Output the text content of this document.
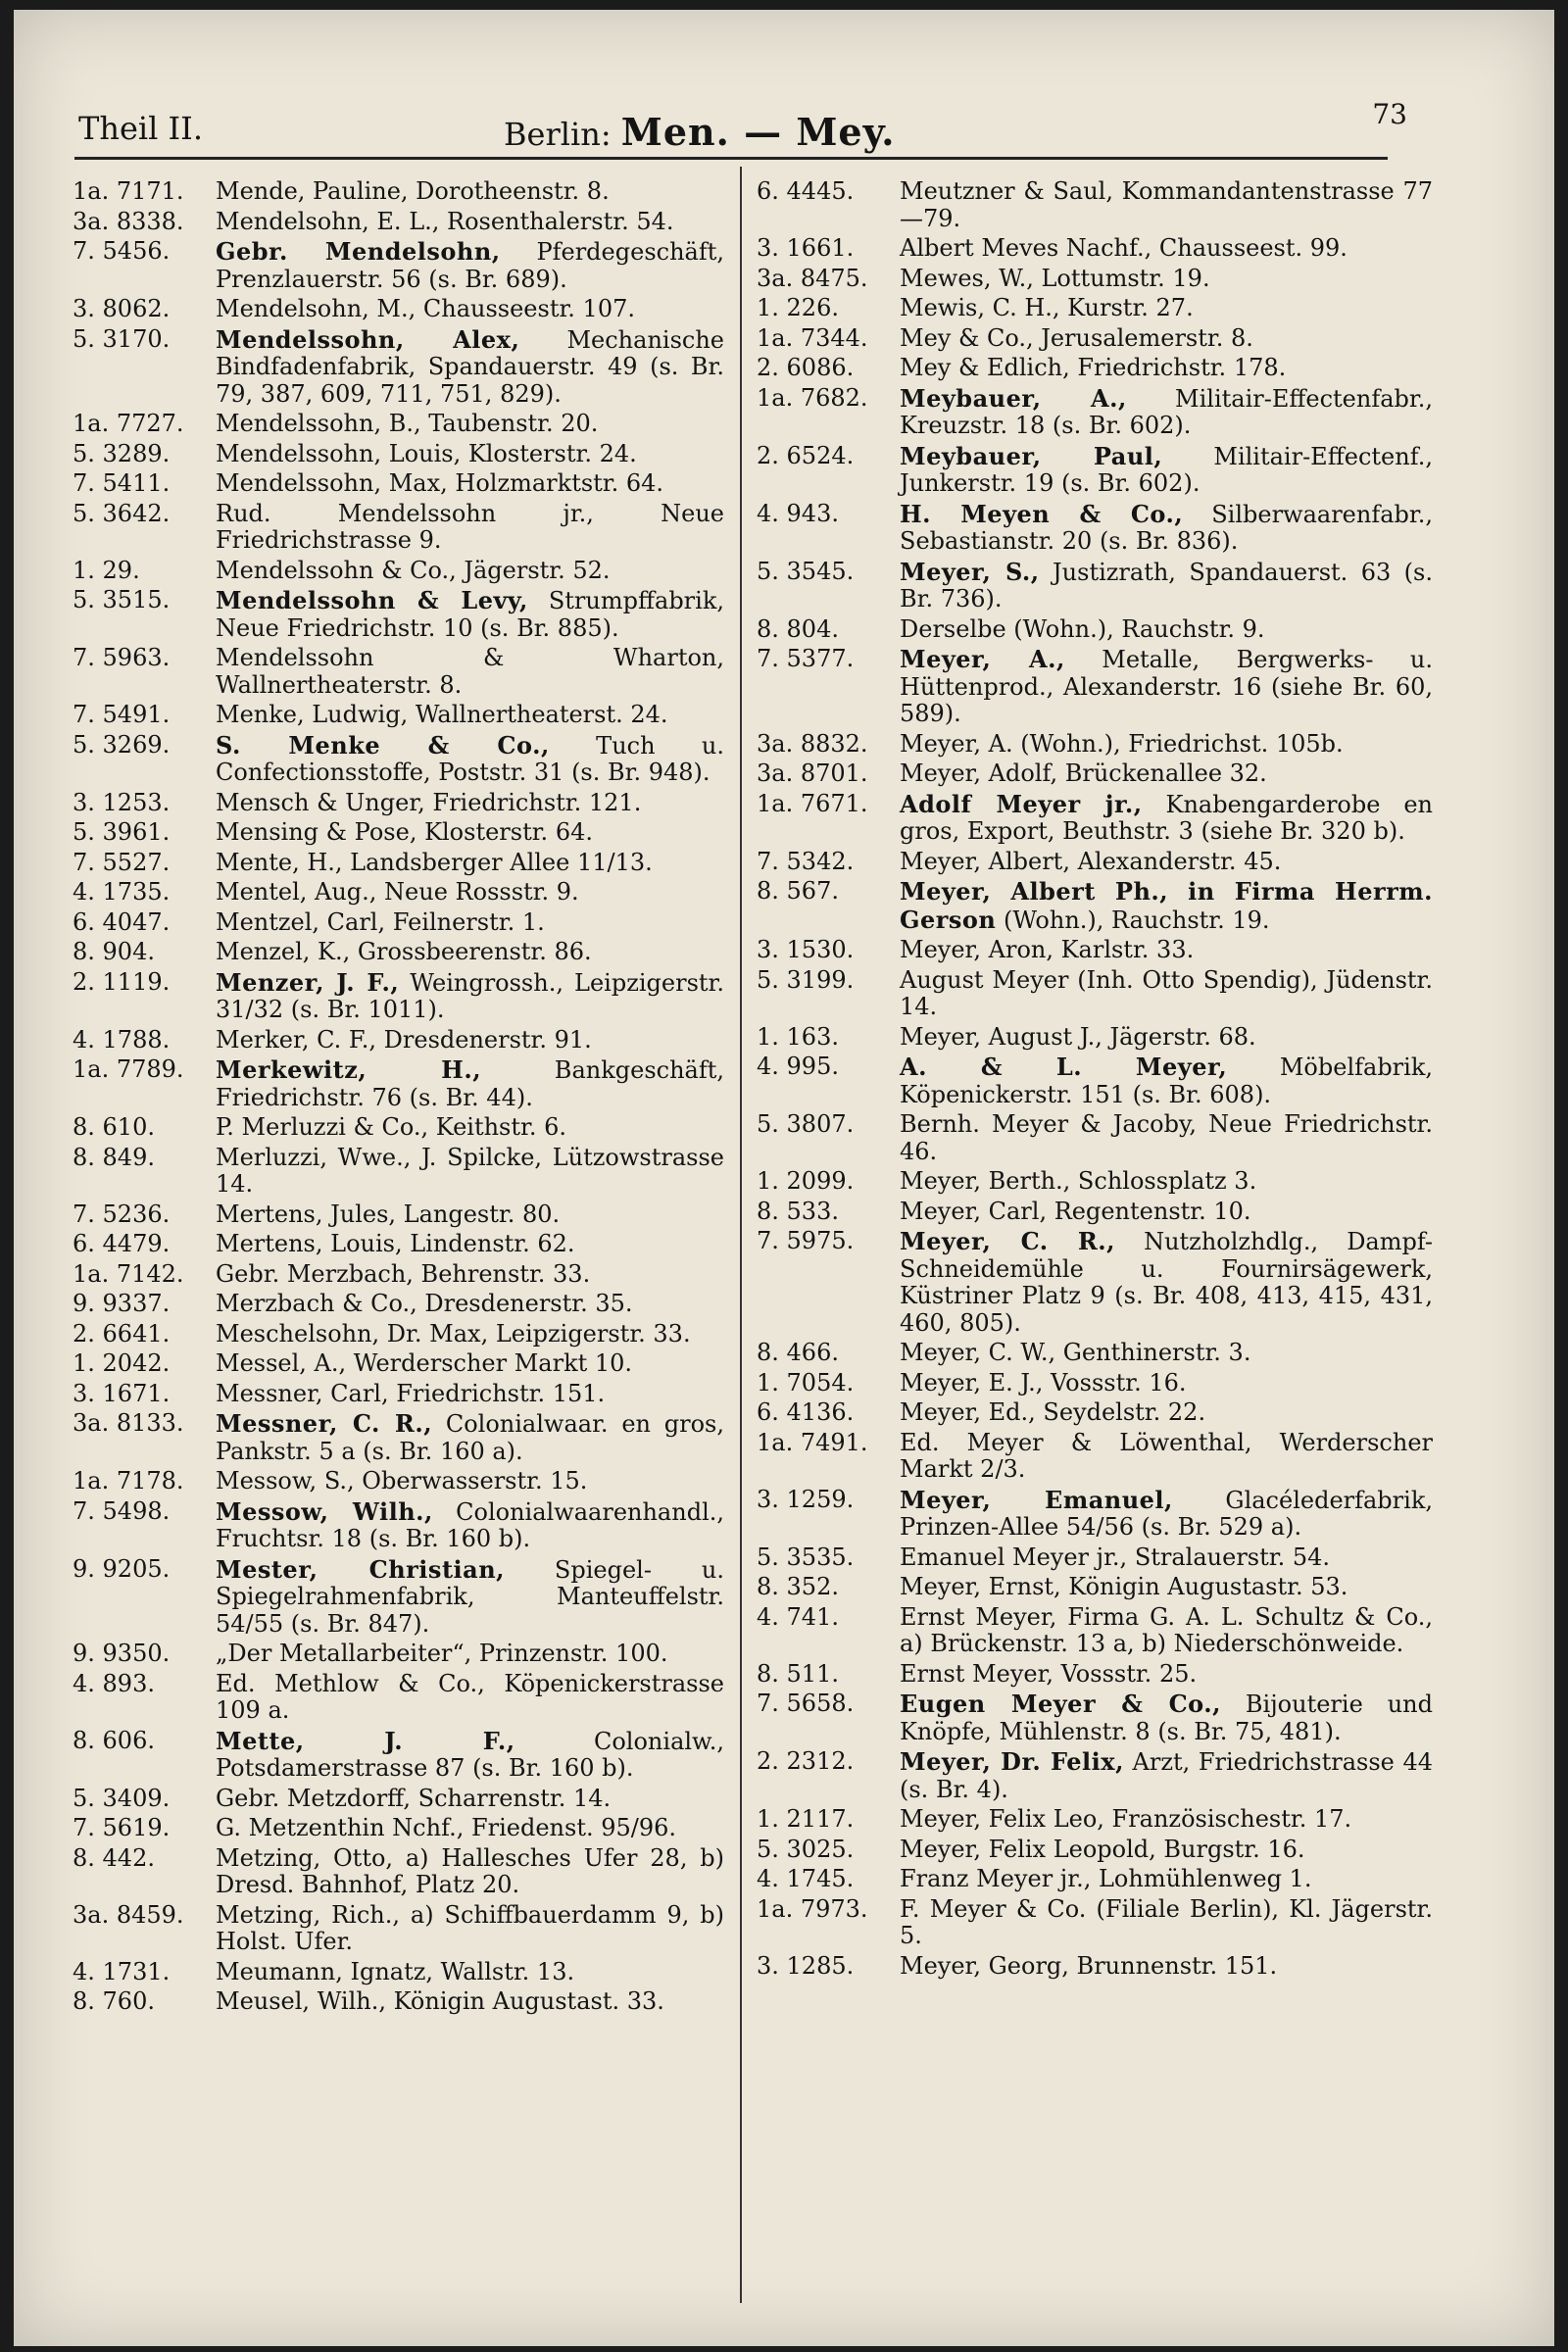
Theil II.	Berlin: Men. — Mey.	73
1a. 7171.	Mende, Pauline, Dorotheenstr. 8.
3a. 8338.	Mendelsohn, E. L., Rosenthalerstr. 54.
7. 5456.	Gebr. Mendelsohn, Pferdegeschäft, Prenzlauerstr. 56 (s. Br. 689).
3. 8062.	Mendelsohn, M., Chausseestr. 107.
5. 3170.	Mendelssohn, Alex, Mechanische Bindfadenfabrik, Spandauerstr. 49 (s. Br. 79, 387, 609, 711, 751, 829).
1a. 7727.	Mendelssohn, B., Taubenstr. 20.
5. 3289.	Mendelssohn, Louis, Klosterstr. 24.
7. 5411.	Mendelssohn, Max, Holzmarktstr. 64.
5. 3642.	Rud. Mendelssohn jr., Neue Friedrichstrasse 9.
1. 29.	Mendelssohn & Co., Jägerstr. 52.
5. 3515.	Mendelssohn & Levy, Strumpffabrik, Neue Friedrichstr. 10 (s. Br. 885).
7. 5963.	Mendelssohn & Wharton, Wallnertheaterstr. 8.
7. 5491.	Menke, Ludwig, Wallnertheaterst. 24.
5. 3269.	S. Menke & Co., Tuch u. Confectionsstoffe, Poststr. 31 (s. Br. 948).
3. 1253.	Mensch & Unger, Friedrichstr. 121.
5. 3961.	Mensing & Pose, Klosterstr. 64.
7. 5527.	Mente, H., Landsberger Allee 11/13.
4. 1735.	Mentel, Aug., Neue Rossstr. 9.
6. 4047.	Mentzel, Carl, Feilnerstr. 1.
8. 904.	Menzel, K., Grossbeerenstr. 86.
2. 1119.	Menzer, J. F., Weingrossh., Leipzigerstr. 31/32 (s. Br. 1011).
4. 1788.	Merker, C. F., Dresdenerstr. 91.
1a. 7789.	Merkewitz, H., Bankgeschäft, Friedrichstr. 76 (s. Br. 44).
8. 610.	P. Merluzzi & Co., Keithstr. 6.
8. 849.	Merluzzi, Wwe., J. Spilcke, Lützowstrasse 14.
7. 5236.	Mertens, Jules, Langestr. 80.
6. 4479.	Mertens, Louis, Lindenstr. 62.
1a. 7142.	Gebr. Merzbach, Behrenstr. 33.
9. 9337.	Merzbach & Co., Dresdenerstr. 35.
2. 6641.	Meschelsohn, Dr. Max, Leipzigerstr. 33.
1. 2042.	Messel, A., Werderscher Markt 10.
3. 1671.	Messner, Carl, Friedrichstr. 151.
3a. 8133.	Messner, C. R., Colonialwaar. en gros, Pankstr. 5 a (s. Br. 160 a).
1a. 7178.	Messow, S., Oberwasserstr. 15.
7. 5498.	Messow, Wilh., Colonialwaarenhandl., Fruchtsr. 18 (s. Br. 160 b).
9. 9205.	Mester, Christian, Spiegel- u. Spiegelrahmenfabrik, Manteuffelstr. 54/55 (s. Br. 847).
9. 9350.	„Der Metallarbeiter“, Prinzenstr. 100.
4. 893.	Ed. Methlow & Co., Köpenickerstrasse 109 a.
8. 606.	Mette, J. F., Colonialw., Potsdamerstrasse 87 (s. Br. 160 b).
5. 3409.	Gebr. Metzdorff, Scharrenstr. 14.
7. 5619.	G. Metzenthin Nchf., Friedenst. 95/96.
8. 442.	Metzing, Otto, a) Hallesches Ufer 28, b) Dresd. Bahnhof, Platz 20.
3a. 8459.	Metzing, Rich., a) Schiffbauerdamm 9, b) Holst. Ufer.
4. 1731.	Meumann, Ignatz, Wallstr. 13.
8. 760.	Meusel, Wilh., Königin Augustast. 33.
6. 4445.	Meutzner & Saul, Kommandantenstrasse 77—79.
3. 1661.	Albert Meves Nachf., Chausseest. 99.
3a. 8475.	Mewes, W., Lottumstr. 19.
1. 226.	Mewis, C. H., Kurstr. 27.
1a. 7344.	Mey & Co., Jerusalemerstr. 8.
2. 6086.	Mey & Edlich, Friedrichstr. 178.
1a. 7682.	Meybauer, A., Militair-Effectenfabr., Kreuzstr. 18 (s. Br. 602).
2. 6524.	Meybauer, Paul, Militair-Effectenf., Junkerstr. 19 (s. Br. 602).
4. 943.	H. Meyen & Co., Silberwaarenfabr., Sebastianstr. 20 (s. Br. 836).
5. 3545.	Meyer, S., Justizrath, Spandauerst. 63 (s. Br. 736).
8. 804.	Derselbe (Wohn.), Rauchstr. 9.
7. 5377.	Meyer, A., Metalle, Bergwerks- u. Hüttenprod., Alexanderstr. 16 (siehe Br. 60, 589).
3a. 8832.	Meyer, A. (Wohn.), Friedrichst. 105b.
3a. 8701.	Meyer, Adolf, Brückenallee 32.
1a. 7671.	Adolf Meyer jr., Knabengarderobe en gros, Export, Beuthstr. 3 (siehe Br. 320 b).
7. 5342.	Meyer, Albert, Alexanderstr. 45.
8. 567.	Meyer, Albert Ph., in Firma Herrm. Gerson (Wohn.), Rauchstr. 19.
3. 1530.	Meyer, Aron, Karlstr. 33.
5. 3199.	August Meyer (Inh. Otto Spendig), Jüdenstr. 14.
1. 163.	Meyer, August J., Jägerstr. 68.
4. 995.	A. & L. Meyer, Möbelfabrik, Köpenickerstr. 151 (s. Br. 608).
5. 3807.	Bernh. Meyer & Jacoby, Neue Friedrichstr. 46.
1. 2099.	Meyer, Berth., Schlossplatz 3.
8. 533.	Meyer, Carl, Regentenstr. 10.
7. 5975.	Meyer, C. R., Nutzholzhdlg., Dampf-Schneidemühle u. Fournirsägewerk, Küstriner Platz 9 (s. Br. 408, 413, 415, 431, 460, 805).
8. 466.	Meyer, C. W., Genthinerstr. 3.
1. 7054.	Meyer, E. J., Vossstr. 16.
6. 4136.	Meyer, Ed., Seydelstr. 22.
1a. 7491.	Ed. Meyer & Löwenthal, Werderscher Markt 2/3.
3. 1259.	Meyer, Emanuel, Glacélederfabrik, Prinzen-Allee 54/56 (s. Br. 529 a).
5. 3535.	Emanuel Meyer jr., Stralauerstr. 54.
8. 352.	Meyer, Ernst, Königin Augustastr. 53.
4. 741.	Ernst Meyer, Firma G. A. L. Schultz & Co., a) Brückenstr. 13 a, b) Niederschönweide.
8. 511.	Ernst Meyer, Vossstr. 25.
7. 5658.	Eugen Meyer & Co., Bijouterie und Knöpfe, Mühlenstr. 8 (s. Br. 75, 481).
2. 2312.	Meyer, Dr. Felix, Arzt, Friedrichstrasse 44 (s. Br. 4).
1. 2117.	Meyer, Felix Leo, Französischestr. 17.
5. 3025.	Meyer, Felix Leopold, Burgstr. 16.
4. 1745.	Franz Meyer jr., Lohmühlenweg 1.
1a. 7973.	F. Meyer & Co. (Filiale Berlin), Kl. Jägerstr. 5.
3. 1285.	Meyer, Georg, Brunnenstr. 151.
